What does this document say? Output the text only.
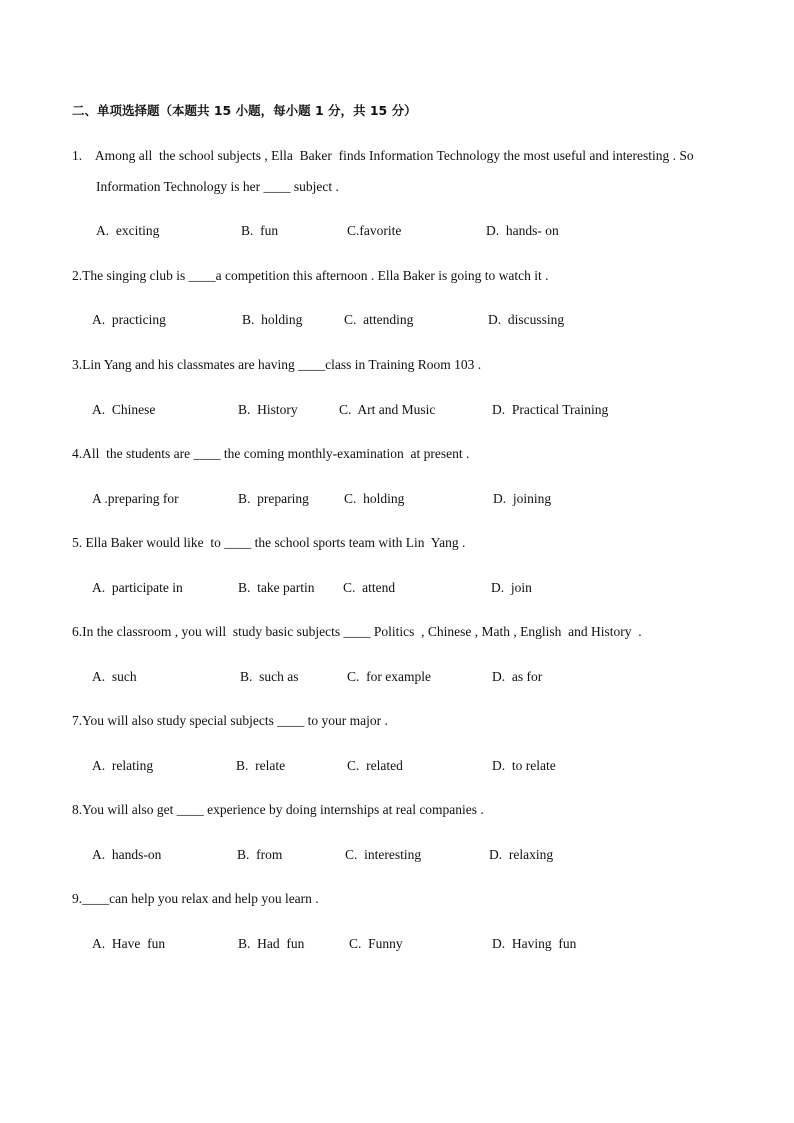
二、单项选择题（本题共 15 小题，每小题 1 分，共 15 分）
1.    Among all  the school subjects , Ella  Baker  finds Information Technology the most useful and interesting . So
Information Technology is her ____ subject .
A.  exciting	B.  fun	C.favorite	D.  hands- on
2.The singing club is ____a competition this afternoon . Ella Baker is going to watch it .
A.  practicing	B.  holding	C.  attending	D.  discussing
3.Lin Yang and his classmates are having ____class in Training Room 103 .
A.  Chinese	B.  History	C.  Art and Music	D.  Practical Training
4.All  the students are ____ the coming monthly-examination  at present .
A .preparing for	B.  preparing	C.  holding	D.  joining
5. Ella Baker would like  to ____ the school sports team with Lin  Yang .
A.  participate in	B.  take partin C.  attend	D.  join
6.In the classroom , you will  study basic subjects ____ Politics  , Chinese , Math , English  and History  .
A.  such	B.  such as	C.  for example	D.  as for
7.You will also study special subjects ____ to your major .
A.  relating	B.  relate	C.  related	D.  to relate
8.You will also get ____ experience by doing internships at real companies .
A.  hands-on	B.  from	C.  interesting	D.  relaxing
9.____can help you relax and help you learn .
A.  Have  fun	B.  Had  fun	C.  Funny	D.  Having  fun
